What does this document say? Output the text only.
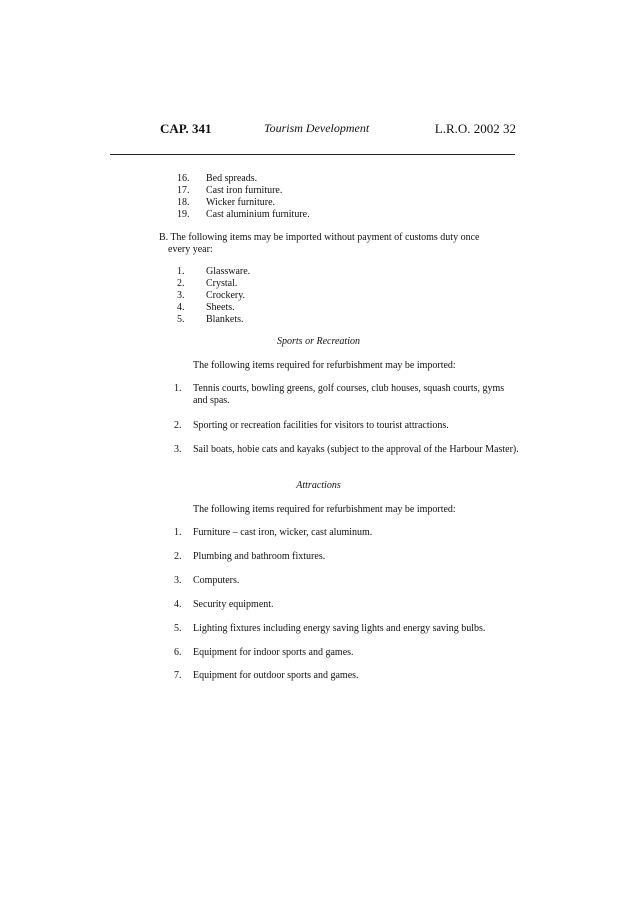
CAP. 341	Tourism Development	L.R.O. 2002 32
16.	Bed spreads.
17.	Cast iron furniture.
18.	Wicker furniture.
19.	Cast aluminium furniture.
B. The following items may be imported without payment of customs duty once
every year:
1.	Glassware.
2.	Crystal.
3.	Crockery.
4.	Sheets.
5.	Blankets.
Sports or Recreation
The following items required for refurbishment may be imported:
1.	Tennis courts, bowling greens, golf courses, club houses, squash courts, gyms and spas.
2.	Sporting or recreation facilities for visitors to tourist attractions.
3.	Sail boats, hobie cats and kayaks (subject to the approval of the Harbour Master).
Attractions
The following items required for refurbishment may be imported:
1.	Furniture – cast iron, wicker, cast aluminum.
2.	Plumbing and bathroom fixtures.
3.	Computers.
4.	Security equipment.
5.	Lighting fixtures including energy saving lights and energy saving bulbs.
6.	Equipment for indoor sports and games.
7.	Equipment for outdoor sports and games.
